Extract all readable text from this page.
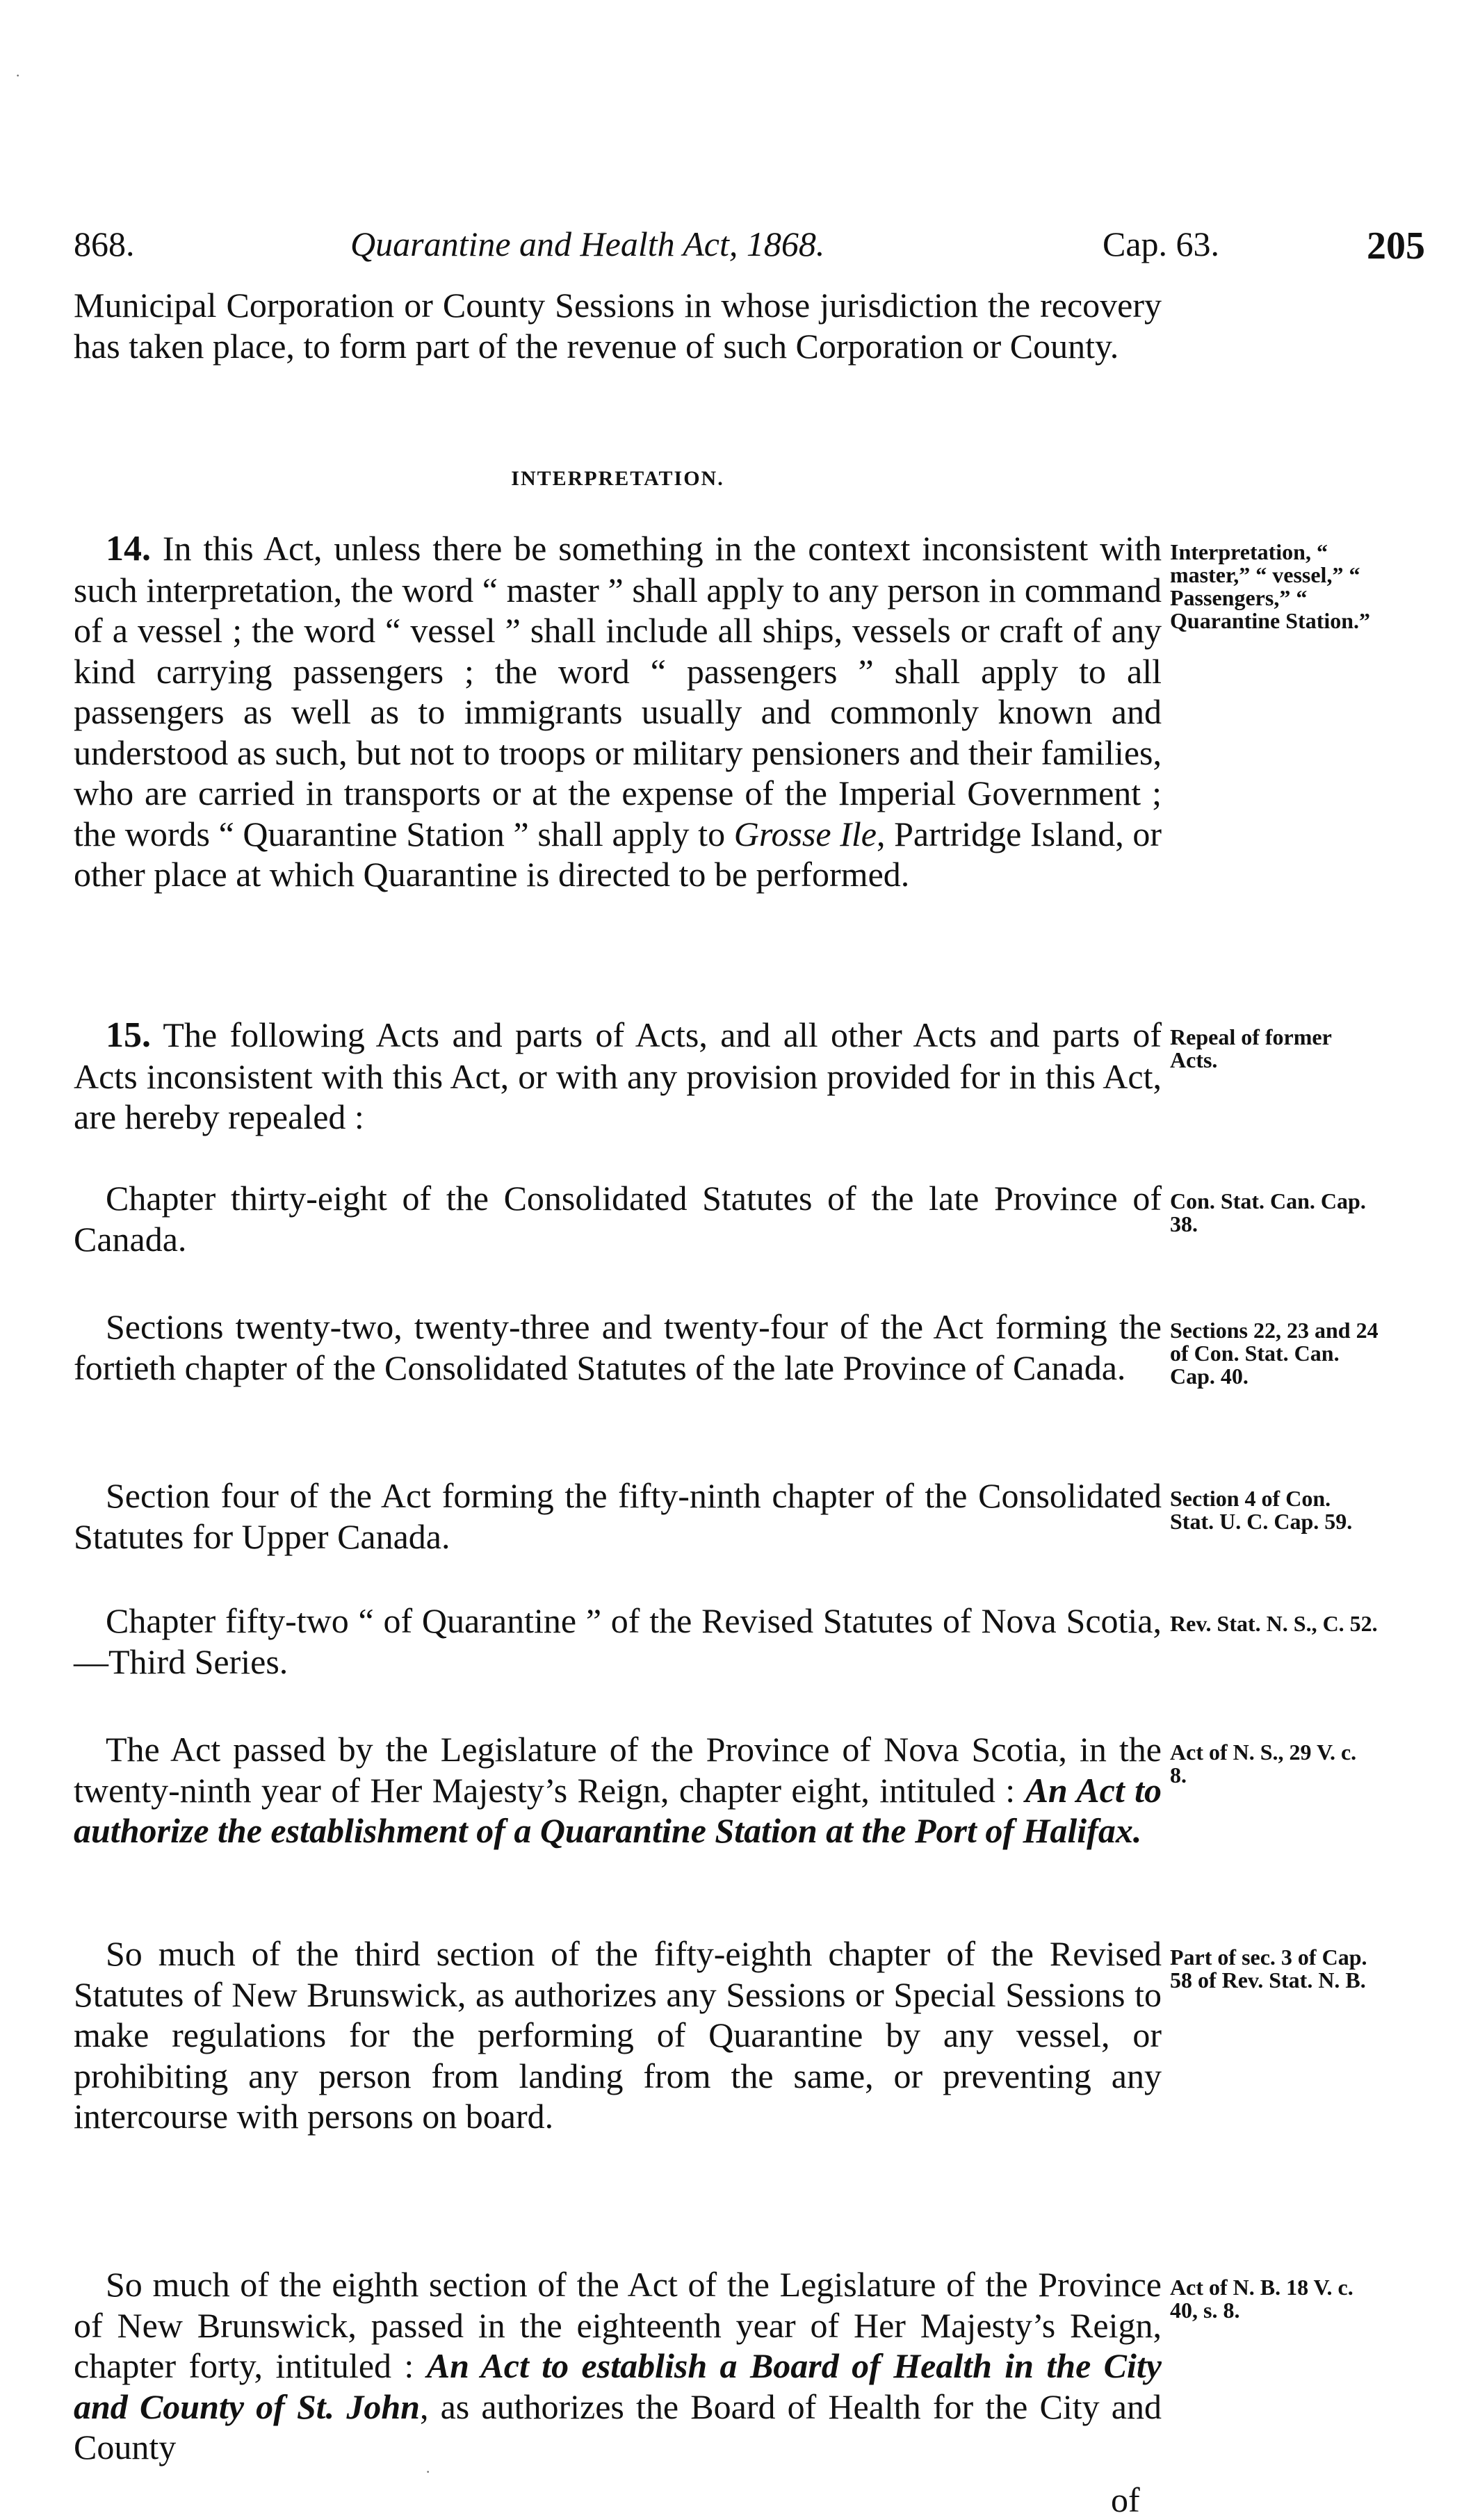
868.	Quarantine and Health Act, 1868.	Cap. 63.	205

Municipal Corporation or County Sessions in whose jurisdiction the recovery has taken place, to form part of the revenue of such Corporation or County.

INTERPRETATION.

14. In this Act, unless there be something in the context inconsistent with such interpretation, the word “ master ” shall apply to any person in command of a vessel ; the word “ vessel ” shall include all ships, vessels or craft of any kind carrying passengers ; the word “ passengers ” shall apply to all passengers as well as to immigrants usually and commonly known and understood as such, but not to troops or military pensioners and their families, who are carried in transports or at the expense of the Imperial Government ; the words “ Quarantine Station ” shall apply to Grosse Ile, Partridge Island, or other place at which Quarantine is directed to be performed.

Interpretation, “ master,” “ vessel,” “ Passengers,” “ Quarantine Station.”

15. The following Acts and parts of Acts, and all other Acts and parts of Acts inconsistent with this Act, or with any provision provided for in this Act, are hereby repealed :

Repeal of former Acts.

Chapter thirty-eight of the Consolidated Statutes of the late Province of Canada.

Con. Stat. Can. Cap. 38.

Sections twenty-two, twenty-three and twenty-four of the Act forming the fortieth chapter of the Consolidated Statutes of the late Province of Canada.

Sections 22, 23 and 24 of Con. Stat. Can. Cap. 40.

Section four of the Act forming the fifty-ninth chapter of the Consolidated Statutes for Upper Canada.

Section 4 of Con. Stat. U. C. Cap. 59.

Chapter fifty-two “ of Quarantine ” of the Revised Statutes of Nova Scotia,—Third Series.

Rev. Stat. N. S., C. 52.

The Act passed by the Legislature of the Province of Nova Scotia, in the twenty-ninth year of Her Majesty’s Reign, chapter eight, intituled : An Act to authorize the establishment of a Quarantine Station at the Port of Halifax.

Act of N. S., 29 V. c. 8.

So much of the third section of the fifty-eighth chapter of the Revised Statutes of New Brunswick, as authorizes any Sessions or Special Sessions to make regulations for the performing of Quarantine by any vessel, or prohibiting any person from landing from the same, or preventing any intercourse with persons on board.

Part of sec. 3 of Cap. 58 of Rev. Stat. N. B.

So much of the eighth section of the Act of the Legislature of the Province of New Brunswick, passed in the eighteenth year of Her Majesty’s Reign, chapter forty, intituled : An Act to establish a Board of Health in the City and County of St. John, as authorizes the Board of Health for the City and County

Act of N. B. 18 V. c. 40, s. 8.
of
·
·
